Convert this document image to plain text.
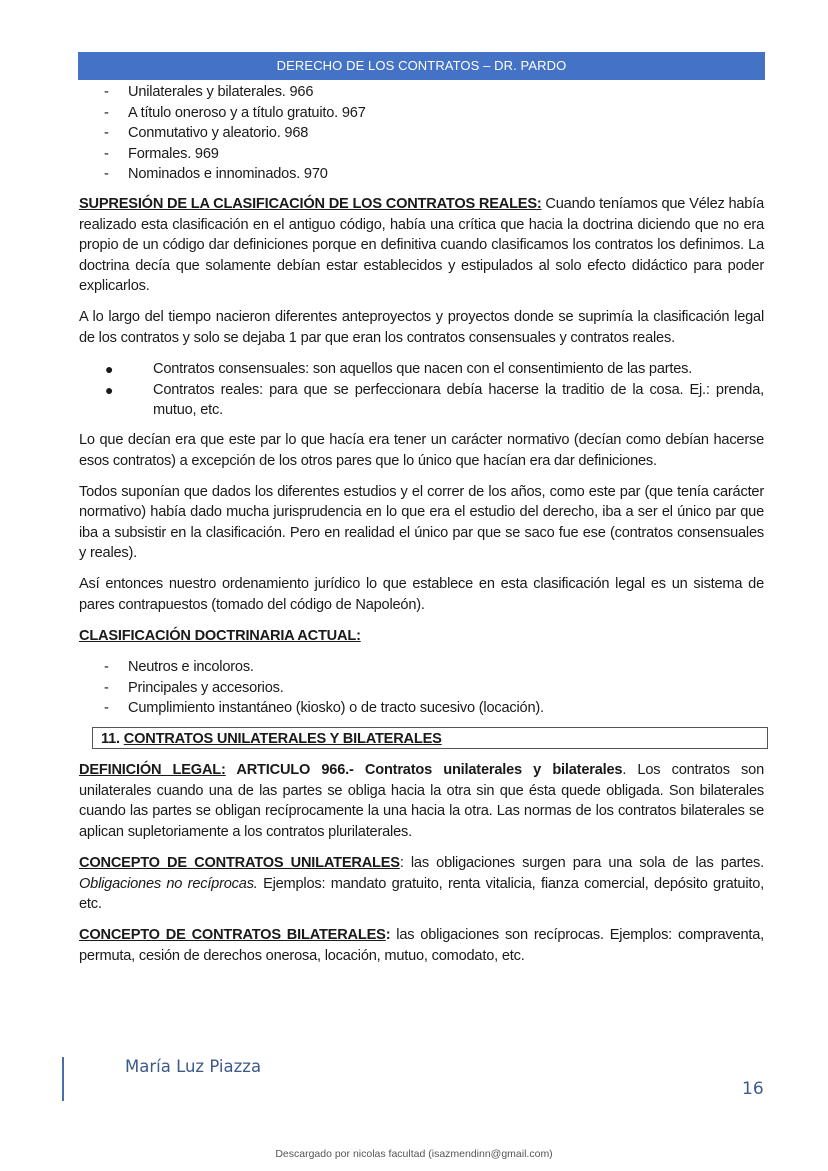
DERECHO DE LOS CONTRATOS – DR. PARDO
- Unilaterales y bilaterales. 966
- A título oneroso y a título gratuito. 967
- Conmutativo y aleatorio. 968
- Formales. 969
- Nominados e innominados. 970

SUPRESIÓN DE LA CLASIFICACIÓN DE LOS CONTRATOS REALES: Cuando teníamos que Vélez había realizado esta clasificación en el antiguo código, había una crítica que hacia la doctrina diciendo que no era propio de un código dar definiciones porque en definitiva cuando clasificamos los contratos los definimos. La doctrina decía que solamente debían estar establecidos y estipulados al solo efecto didáctico para poder explicarlos.

A lo largo del tiempo nacieron diferentes anteproyectos y proyectos donde se suprimía la clasificación legal de los contratos y solo se dejaba 1 par que eran los contratos consensuales y contratos reales.

●	Contratos consensuales: son aquellos que nacen con el consentimiento de las partes.
●	Contratos reales: para que se perfeccionara debía hacerse la traditio de la cosa. Ej.: prenda, mutuo, etc.

Lo que decían era que este par lo que hacía era tener un carácter normativo (decían como debían hacerse esos contratos) a excepción de los otros pares que lo único que hacían era dar definiciones.

Todos suponían que dados los diferentes estudios y el correr de los años, como este par (que tenía carácter normativo) había dado mucha jurisprudencia en lo que era el estudio del derecho, iba a ser el único par que iba a subsistir en la clasificación. Pero en realidad el único par que se saco fue ese (contratos consensuales y reales).

Así entonces nuestro ordenamiento jurídico lo que establece en esta clasificación legal es un sistema de pares contrapuestos (tomado del código de Napoleón).

CLASIFICACIÓN DOCTRINARIA ACTUAL:

- Neutros e incoloros.
- Principales y accesorios.
- Cumplimiento instantáneo (kiosko) o de tracto sucesivo (locación).
11. CONTRATOS UNILATERALES Y BILATERALES

DEFINICIÓN LEGAL: ARTICULO 966.- Contratos unilaterales y bilaterales. Los contratos son unilaterales cuando una de las partes se obliga hacia la otra sin que ésta quede obligada. Son bilaterales cuando las partes se obligan recíprocamente la una hacia la otra. Las normas de los contratos bilaterales se aplican supletoriamente a los contratos plurilaterales.

CONCEPTO DE CONTRATOS UNILATERALES: las obligaciones surgen para una sola de las partes. Obligaciones no recíprocas. Ejemplos: mandato gratuito, renta vitalicia, fianza comercial, depósito gratuito, etc.

CONCEPTO DE CONTRATOS BILATERALES: las obligaciones son recíprocas. Ejemplos: compraventa, permuta, cesión de derechos onerosa, locación, mutuo, comodato, etc.

María Luz Piazza
16
Descargado por nicolas facultad (isazmendinn@gmail.com)
